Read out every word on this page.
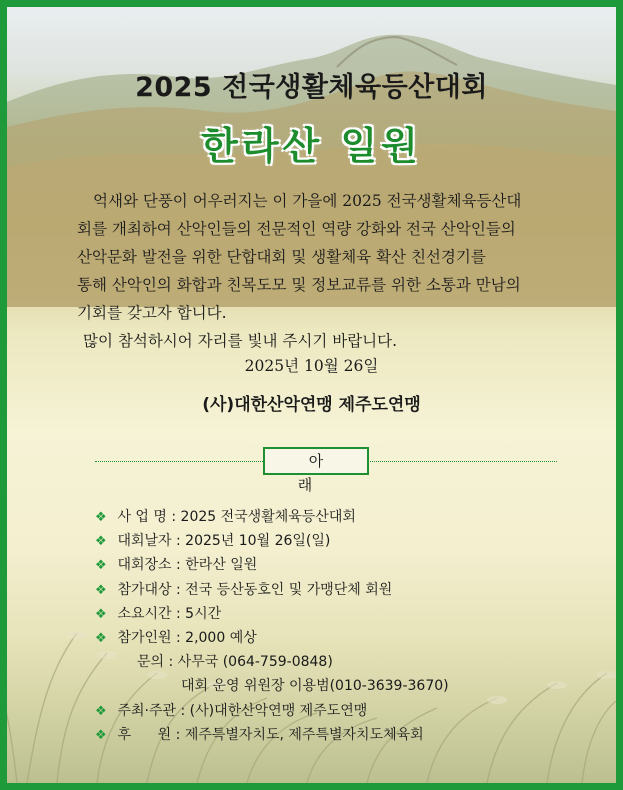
2025 전국생활체육등산대회
한라산 일원

억새와 단풍이 어우러지는 이 가을에 2025 전국생활체육등산대

회를 개최하여 산악인들의 전문적인 역량 강화와 전국 산악인들의

산악문화 발전을 위한 단합대회 및 생활체육 확산 친선경기를

통해 산악인의 화합과 친목도모 및 정보교류를 위한 소통과 만남의

기회를 갖고자 합니다.

많이 참석하시어 자리를 빛내 주시기 바랍니다.

2025년 10월 26일
(사)대한산악연맹 제주도연맹
아 래
❖ 사 업 명 : 2025 전국생활체육등산대회
❖ 대회날자 : 2025년 10월 26일(일)
❖ 대회장소 : 한라산 일원
❖ 참가대상 : 전국 등산동호인 및 가맹단체 회원
❖ 소요시간 : 5시간
❖ 참가인원 : 2,000 예상
문의 : 사무국 (064-759-0848)
대회 운영 위원장 이용범(010-3639-3670)
❖ 주최·주관 : (사)대한산악연맹 제주도연맹
❖ 후      원 : 제주특별자치도, 제주특별자치도체육회
